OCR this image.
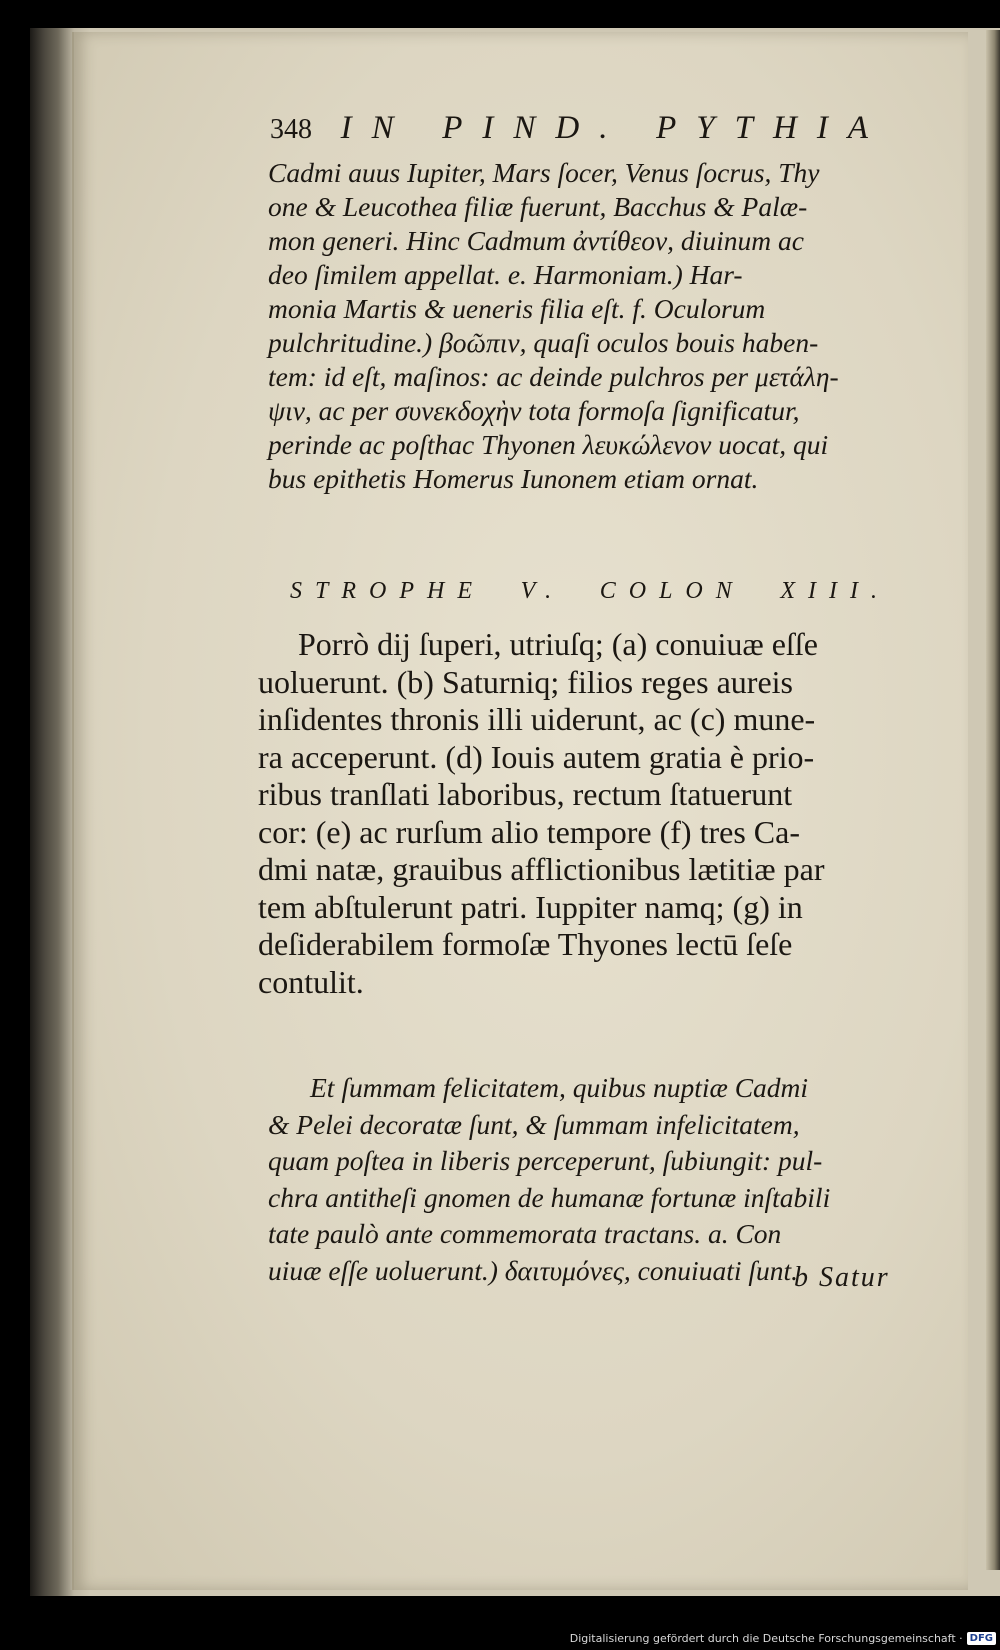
348 IN PIND. PYTHIA
Cadmi auus Iupiter, Mars ſocer, Venus ſocrus, Thy
one & Leucothea filiæ fuerunt, Bacchus & Palæ-
mon generi. Hinc Cadmum ἀντίθεον, diuinum ac
deo ſimilem appellat. e. Harmoniam.) Har-
monia Martis & ueneris filia eſt. f. Oculorum
pulchritudine.) βοῶπιν, quaſi oculos bouis haben-
tem: id eſt, maſinos: ac deinde pulchros per μετάλη-
ψιν, ac per συνεκδοχὴν tota formoſa ſignificatur,
perinde ac poſthac Thyonen λευκώλενον uocat, qui
bus epithetis Homerus Iunonem etiam ornat.
STROPHE V. COLON XIII.
Porrò dij ſuperi, utriuſq; (a) conuiuæ eſſe
uoluerunt. (b) Saturniq; filios reges aureis
inſidentes thronis illi uiderunt, ac (c) mune-
ra acceperunt. (d) Iouis autem gratia è prio-
ribus tranſlati laboribus, rectum ſtatuerunt
cor: (e) ac rurſum alio tempore (f) tres Ca-
dmi natæ, grauibus afflictionibus lætitiæ par
tem abſtulerunt patri. Iuppiter namq; (g) in
deſiderabilem formoſæ Thyones lectū ſeſe
contulit.
Et ſummam felicitatem, quibus nuptiæ Cadmi
& Pelei decoratæ ſunt, & ſummam infelicitatem,
quam poſtea in liberis perceperunt, ſubiungit: pul-
chra antitheſi gnomen de humanæ fortunæ inſtabili
tate paulò ante commemorata tractans. a. Con
uiuæ eſſe uoluerunt.) δαιτυμόνες, conuiuati ſunt.
b Satur
Digitalisierung gefördert durch die Deutsche Forschungsgemeinschaft · DFG
